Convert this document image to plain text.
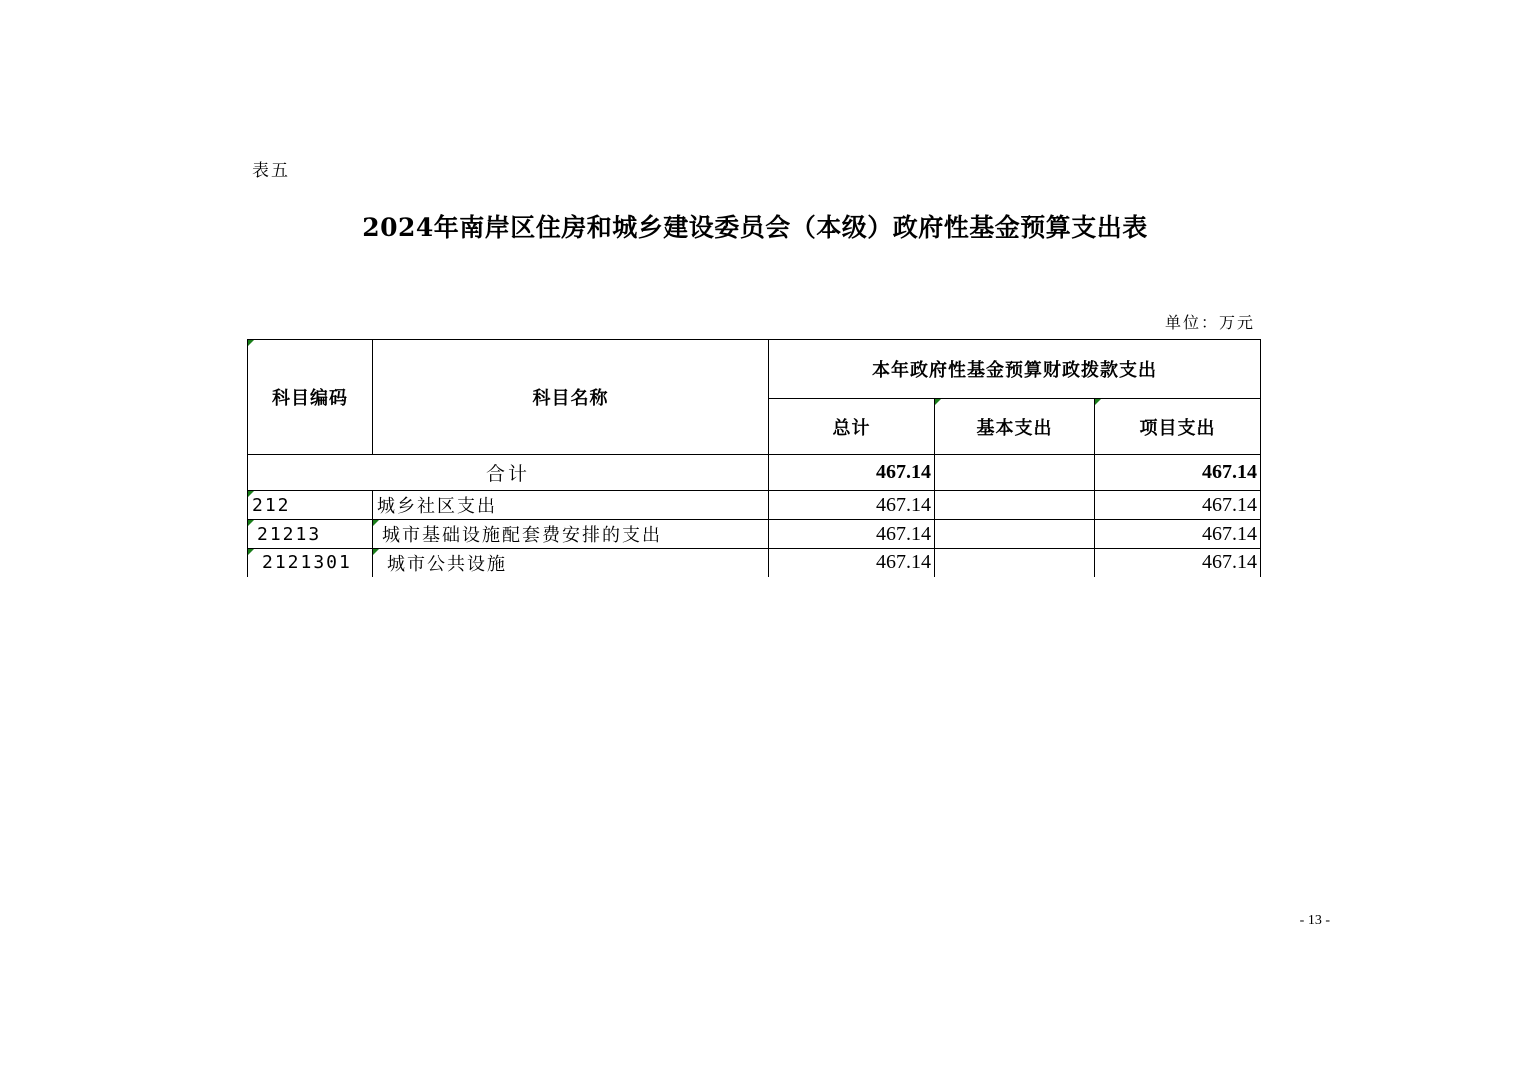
表五
2024年南岸区住房和城乡建设委员会（本级）政府性基金预算支出表
单位：万元
科目编码	科目名称	本年政府性基金预算财政拨款支出		
		总计	基本支出	项目支出
合计		467.14		467.14
212	城乡社区支出	467.14		467.14
21213	城市基础设施配套费安排的支出	467.14		467.14
2121301	城市公共设施	467.14		467.14
- 13 -
